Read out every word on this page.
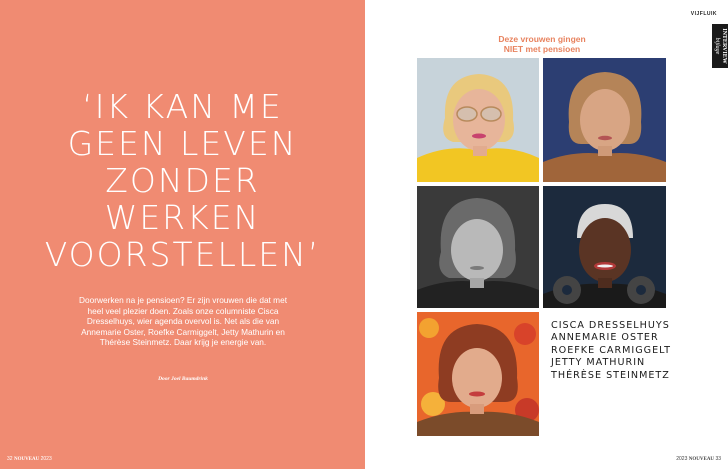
‘IK KAN ME
GEEN LEVEN
ZONDER
WERKEN
VOORSTELLEN’

Doorwerken na je pensioen? Er zijn vrouwen die dat met heel veel plezier doen. Zoals onze columniste Cisca Dresselhuys, wier agenda overvol is. Net als die van Annemarie Oster, Roefke Carmiggelt, Jetty Mathurin en Thérèse Steinmetz. Daar krijg je energie van.

Door Joel Baumdrink

32 NOUVEAU 2023
VIJFLUIK
INTERVIEW
bijlage
Deze vrouwen gingen
NIET met pensioen
CISCA DRESSELHUYS
ANNEMARIE OSTER
ROEFKE CARMIGGELT
JETTY MATHURIN
THÉRÈSE STEINMETZ
2023 NOUVEAU 33
